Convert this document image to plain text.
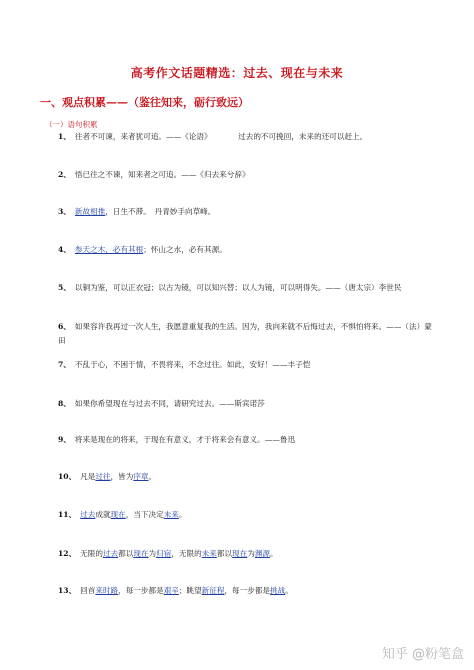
高考作文话题精选：过去、现在与未来
一、观点积累——（鉴往知来，砺行致远）
（一）语句积累
1、 往者不可谏，来者犹可追。——《论语》　　　　过去的不可挽回，未来的还可以赶上。
2、 悟已往之不谏，知来者之可追。——《归去来兮辞》
3、 新故相推，日生不滞。　丹青妙手向草峰。
4、 参天之木，必有其根；怀山之水，必有其源。
5、 以铜为鉴，可以正衣冠；以古为镜，可以知兴替；以人为镜，可以明得失。——（唐太宗）李世民
6、 如果容许我再过一次人生，我愿意重复我的生活。因为，我向来就不后悔过去，不惧怕将来。——（法）蒙田
7、 不乱于心，不困于情，不畏将来，不念过往。如此，安好！——丰子恺
8、 如果你希望现在与过去不同，请研究过去。——斯宾诺莎
9、 将来是现在的将来，于现在有意义，才于将来会有意义。——鲁迅
10、 凡是过往，皆为序章。
11、 过去成就现在，当下决定未来。
12、 无限的过去都以现在为归宿，无限的未来都以现在为渊源。
13、 回首来时路，每一步都是艰辛；眺望新征程，每一步都是挑战。
知乎 @粉笔盒
